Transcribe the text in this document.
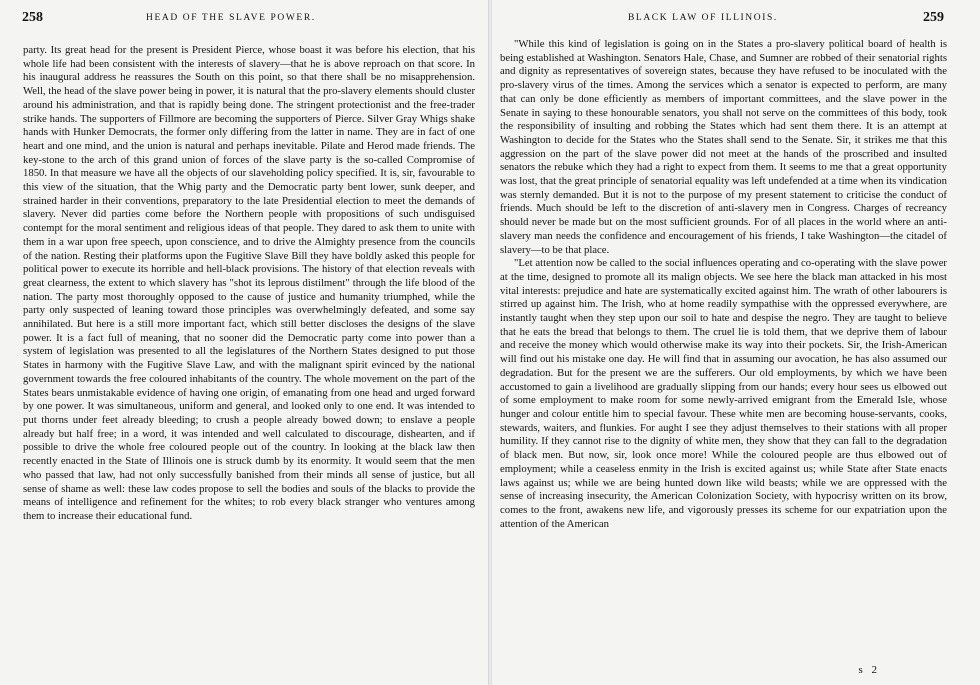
258	HEAD OF THE SLAVE POWER.

party. Its great head for the present is President Pierce, whose boast it was before his election, that his whole life had been consistent with the interests of slavery—that he is above reproach on that score. In his inaugural address he reassures the South on this point, so that there shall be no misapprehension. Well, the head of the slave power being in power, it is natural that the pro-slavery elements should cluster around his administration, and that is rapidly being done. The stringent protectionist and the free-trader strike hands. The supporters of Fillmore are becoming the supporters of Pierce. Silver Gray Whigs shake hands with Hunker Democrats, the former only differing from the latter in name. They are in fact of one heart and one mind, and the union is natural and perhaps inevitable. Pilate and Herod made friends. The key-stone to the arch of this grand union of forces of the slave party is the so-called Compromise of 1850. In that measure we have all the objects of our slaveholding policy specified. It is, sir, favourable to this view of the situation, that the Whig party and the Democratic party bent lower, sunk deeper, and strained harder in their conventions, preparatory to the late Presidential election to meet the demands of slavery. Never did parties come before the Northern people with propositions of such undisguised contempt for the moral sentiment and religious ideas of that people. They dared to ask them to unite with them in a war upon free speech, upon conscience, and to drive the Almighty presence from the councils of the nation. Resting their platforms upon the Fugitive Slave Bill they have boldly asked this people for political power to execute its horrible and hell-black provisions. The history of that election reveals with great clearness, the extent to which slavery has "shot its leprous distilment" through the life blood of the nation. The party most thoroughly opposed to the cause of justice and humanity triumphed, while the party only suspected of leaning toward those principles was overwhelmingly defeated, and some say annihilated. But here is a still more important fact, which still better discloses the designs of the slave power. It is a fact full of meaning, that no sooner did the Democratic party come into power than a system of legislation was presented to all the legislatures of the Northern States designed to put those States in harmony with the Fugitive Slave Law, and with the malignant spirit evinced by the national government towards the free coloured inhabitants of the country. The whole movement on the part of the States bears unmistakable evidence of having one origin, of emanating from one head and urged forward by one power. It was simultaneous, uniform and general, and looked only to one end. It was intended to put thorns under feet already bleeding; to crush a people already bowed down; to enslave a people already but half free; in a word, it was intended and well calculated to discourage, dishearten, and if possible to drive the whole free coloured people out of the country. In looking at the black law then recently enacted in the State of Illinois one is struck dumb by its enormity. It would seem that the men who passed that law, had not only successfully banished from their minds all sense of justice, but all sense of shame as well: these law codes propose to sell the bodies and souls of the blacks to provide the means of intelligence and refinement for the whites; to rob every black stranger who ventures among them to increase their educational fund.

BLACK LAW OF ILLINOIS.	259

"While this kind of legislation is going on in the States a pro-slavery political board of health is being established at Washington. Senators Hale, Chase, and Sumner are robbed of their senatorial rights and dignity as representatives of sovereign states, because they have refused to be inoculated with the pro-slavery virus of the times. Among the services which a senator is expected to perform, are many that can only be done efficiently as members of important committees, and the slave power in the Senate in saying to these honourable senators, you shall not serve on the committees of this body, took the responsibility of insulting and robbing the States which had sent them there. It is an attempt at Washington to decide for the States who the States shall send to the Senate. Sir, it strikes me that this aggression on the part of the slave power did not meet at the hands of the proscribed and insulted senators the rebuke which they had a right to expect from them. It seems to me that a great opportunity was lost, that the great principle of senatorial equality was left undefended at a time when its vindication was sternly demanded. But it is not to the purpose of my present statement to criticise the conduct of friends. Much should be left to the discretion of anti-slavery men in Congress. Charges of recreancy should never be made but on the most sufficient grounds. For of all places in the world where an anti-slavery man needs the confidence and encouragement of his friends, I take Washington—the citadel of slavery—to be that place.

"Let attention now be called to the social influences operating and co-operating with the slave power at the time, designed to promote all its malign objects. We see here the black man attacked in his most vital interests: prejudice and hate are systematically excited against him. The wrath of other labourers is stirred up against him. The Irish, who at home readily sympathise with the oppressed everywhere, are instantly taught when they step upon our soil to hate and despise the negro. They are taught to believe that he eats the bread that belongs to them. The cruel lie is told them, that we deprive them of labour and receive the money which would otherwise make its way into their pockets. Sir, the Irish-American will find out his mistake one day. He will find that in assuming our avocation, he has also assumed our degradation. But for the present we are the sufferers. Our old employments, by which we have been accustomed to gain a livelihood are gradually slipping from our hands; every hour sees us elbowed out of some employment to make room for some newly-arrived emigrant from the Emerald Isle, whose hunger and colour entitle him to special favour. These white men are becoming house-servants, cooks, stewards, waiters, and flunkies. For aught I see they adjust themselves to their stations with all proper humility. If they cannot rise to the dignity of white men, they show that they can fall to the degradation of black men. But now, sir, look once more! While the coloured people are thus elbowed out of employment; while a ceaseless enmity in the Irish is excited against us; while State after State enacts laws against us; while we are being hunted down like wild beasts; while we are oppressed with the sense of increasing insecurity, the American Colonization Society, with hypocrisy written on its brow, comes to the front, awakens new life, and vigorously presses its scheme for our expatriation upon the attention of the American

s 2
